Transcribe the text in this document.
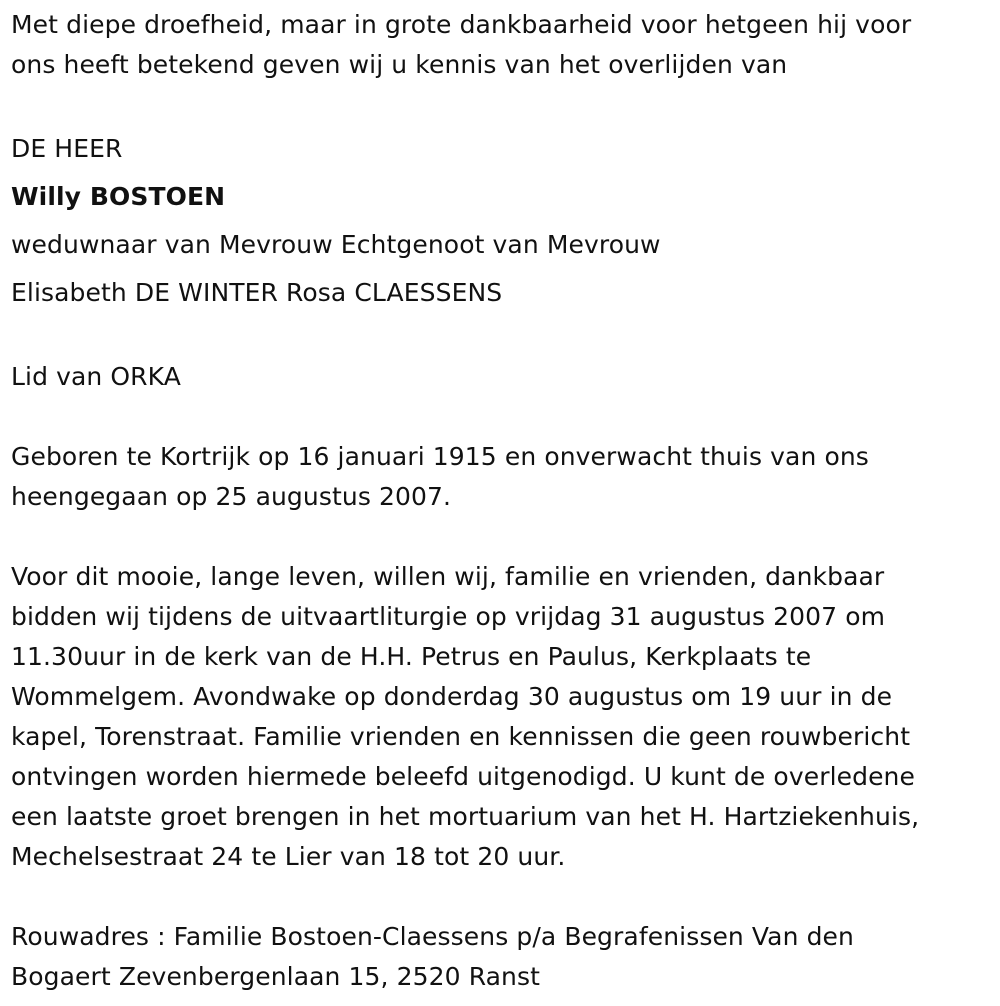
Met diepe droefheid, maar in grote dankbaarheid voor hetgeen hij voor
ons heeft betekend geven wij u kennis van het overlijden van
DE HEER
Willy BOSTOEN
weduwnaar van Mevrouw Echtgenoot van Mevrouw
Elisabeth DE WINTER Rosa CLAESSENS
Lid van ORKA
Geboren te Kortrijk op 16 januari 1915 en onverwacht thuis van ons
heengegaan op 25 augustus 2007.
Voor dit mooie, lange leven, willen wij, familie en vrienden, dankbaar
bidden wij tijdens de uitvaartliturgie op vrijdag 31 augustus 2007 om
11.30uur in de kerk van de H.H. Petrus en Paulus, Kerkplaats te
Wommelgem. Avondwake op donderdag 30 augustus om 19 uur in de
kapel, Torenstraat. Familie vrienden en kennissen die geen rouwbericht
ontvingen worden hiermede beleefd uitgenodigd. U kunt de overledene
een laatste groet brengen in het mortuarium van het H. Hartziekenhuis,
Mechelsestraat 24 te Lier van 18 tot 20 uur.
Rouwadres : Familie Bostoen-Claessens p/a Begrafenissen Van den
Bogaert Zevenbergenlaan 15, 2520 Ranst
